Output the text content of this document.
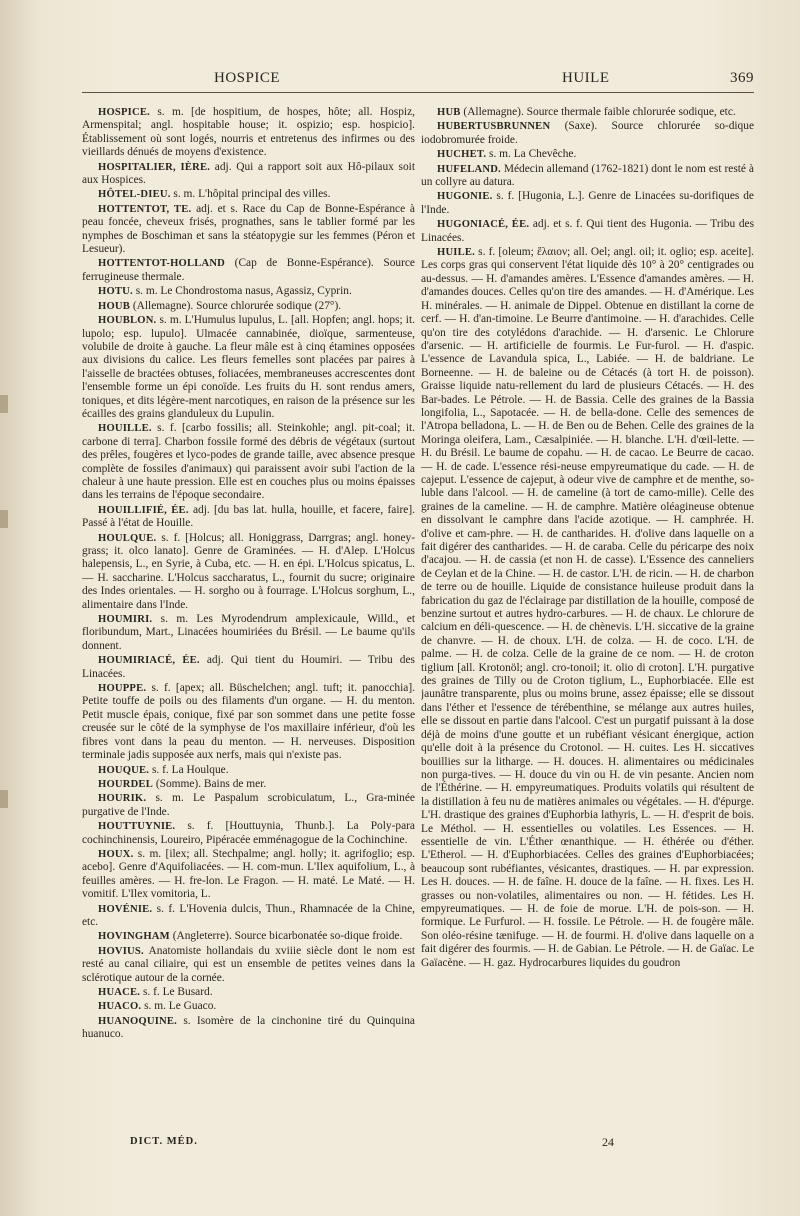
HOSPICE	HUILE	369

HOSPICE. s. m. [de hospitium, de hospes, hôte; all. Hospiz, Armenspital; angl. hospitable house; it. ospizio; esp. hospicio]. Établissement où sont logés, nourris et entretenus des infirmes ou des vieillards dénués de moyens d'existence.

HOSPITALIER, IÈRE. adj. Qui a rapport soit aux Hô-pilaux soit aux Hospices.

HÔTEL-DIEU. s. m. L'hôpital principal des villes.

HOTTENTOT, TE. adj. et s. Race du Cap de Bonne-Espérance à peau foncée, cheveux frisés, prognathes, sans le tablier formé par les nymphes de Boschiman et sans la stéatopygie sur les femmes (Péron et Lesueur).

HOTTENTOT-HOLLAND (Cap de Bonne-Espérance). Source ferrugineuse thermale.

HOTU. s. m. Le Chondrostoma nasus, Agassiz, Cyprin.

HOUB (Allemagne). Source chlorurée sodique (27°).

HOUBLON. s. m. L'Humulus lupulus, L. [all. Hopfen; angl. hops; it. lupolo; esp. lupulo]. Ulmacée cannabinée, dioïque, sarmenteuse, volubile de droite à gauche. La fleur mâle est à cinq étamines opposées aux divisions du calice. Les fleurs femelles sont placées par paires à l'aisselle de bractées obtuses, foliacées, membraneuses accrescentes dont l'ensemble forme un épi conoïde. Les fruits du H. sont rendus amers, toniques, et dits légère-ment narcotiques, en raison de la présence sur les écailles des grains glanduleux du Lupulin.

HOUILLE. s. f. [carbo fossilis; all. Steinkohle; angl. pit-coal; it. carbone di terra]. Charbon fossile formé des débris de végétaux (surtout des prêles, fougères et lyco-podes de grande taille, avec absence presque complète de fossiles d'animaux) qui paraissent avoir subi l'action de la chaleur à une haute pression. Elle est en couches plus ou moins épaisses dans les terrains de l'époque secondaire.

HOUILLIFIÉ, ÉE. adj. [du bas lat. hulla, houille, et facere, faire]. Passé à l'état de Houille.

HOULQUE. s. f. [Holcus; all. Honiggrass, Darrgras; angl. honey-grass; it. olco lanato]. Genre de Graminées. — H. d'Alep. L'Holcus halepensis, L., en Syrie, à Cuba, etc. — H. en épi. L'Holcus spicatus, L. — H. saccharine. L'Holcus saccharatus, L., fournit du sucre; originaire des Indes orientales. — H. sorgho ou à fourrage. L'Holcus sorghum, L., alimentaire dans l'Inde.

HOUMIRI. s. m. Les Myrodendrum amplexicaule, Willd., et floribundum, Mart., Linacées houmiriées du Brésil. — Le baume qu'ils donnent.

HOUMIRIACÉ, ÉE. adj. Qui tient du Houmiri. — Tribu des Linacées.

HOUPPE. s. f. [apex; all. Büschelchen; angl. tuft; it. panocchia]. Petite touffe de poils ou des filaments d'un organe. — H. du menton. Petit muscle épais, conique, fixé par son sommet dans une petite fosse creusée sur le côté de la symphyse de l'os maxillaire inférieur, d'où les fibres vont dans la peau du menton. — H. nerveuses. Disposition terminale jadis supposée aux nerfs, mais qui n'existe pas.

HOUQUE. s. f. La Houlque.

HOURDEL (Somme). Bains de mer.

HOURIK. s. m. Le Paspalum scrobiculatum, L., Gra-minée purgative de l'Inde.

HOUTTUYNIE. s. f. [Houttuynia, Thunb.]. La Poly-para cochinchinensis, Loureiro, Pipéracée emménagogue de la Cochinchine.

HOUX. s. m. [ilex; all. Stechpalme; angl. holly; it. agrifoglio; esp. acebo]. Genre d'Aquifoliacées. — H. com-mun. L'Ilex aquifolium, L., à feuilles amères. — H. fre-lon. Le Fragon. — H. maté. Le Maté. — H. vomitif. L'Ilex vomitoria, L.

HOVÉNIE. s. f. L'Hovenia dulcis, Thun., Rhamnacée de la Chine, etc.

HOVINGHAM (Angleterre). Source bicarbonatée so-dique froide.

HOVIUS. Anatomiste hollandais du xviiie siècle dont le nom est resté au canal ciliaire, qui est un ensemble de petites veines dans la sclérotique autour de la cornée.

HUACE. s. f. Le Busard.

HUACO. s. m. Le Guaco.

HUANOQUINE. s. Isomère de la cinchonine tiré du Quinquina huanuco.

HUB (Allemagne). Source thermale faible chlorurée sodique, etc.

HUBERTUSBRUNNEN (Saxe). Source chlorurée so-dique iodobromurée froide.

HUCHET. s. m. La Chevêche.

HUFELAND. Médecin allemand (1762-1821) dont le nom est resté à un collyre au datura.

HUGONIE. s. f. [Hugonia, L.]. Genre de Linacées su-dorifiques de l'Inde.

HUGONIACÉ, ÉE. adj. et s. f. Qui tient des Hugonia. — Tribu des Linacées.

HUILE. s. f. [oleum; ἔλαιον; all. Oel; angl. oil; it. oglio; esp. aceite]. Les corps gras qui conservent l'état liquide dès 10° à 20° centigrades ou au-dessus. — H. d'amandes amères. L'Essence d'amandes amères. — H. d'amandes douces. Celles qu'on tire des amandes. — H. d'Amérique. Les H. minérales. — H. animale de Dippel. Obtenue en distillant la corne de cerf. — H. d'an-timoine. Le Beurre d'antimoine. — H. d'arachides. Celle qu'on tire des cotylédons d'arachide. — H. d'arsenic. Le Chlorure d'arsenic. — H. artificielle de fourmis. Le Fur-furol. — H. d'aspic. L'essence de Lavandula spica, L., Labiée. — H. de baldriane. Le Borneenne. — H. de baleine ou de Cétacés (à tort H. de poisson). Graisse liquide natu-rellement du lard de plusieurs Cétacés. — H. des Bar-bades. Le Pétrole. — H. de Bassia. Celle des graines de la Bassia longifolia, L., Sapotacée. — H. de bella-done. Celle des semences de l'Atropa belladona, L. — H. de Ben ou de Behen. Celle des graines de la Moringa oleifera, Lam., Cæsalpiniée. — H. blanche. L'H. d'œil-lette. — H. du Brésil. Le baume de copahu. — H. de cacao. Le Beurre de cacao. — H. de cade. L'essence rési-neuse empyreumatique du cade. — H. de cajeput. L'essence de cajeput, à odeur vive de camphre et de menthe, so-luble dans l'alcool. — H. de cameline (à tort de camo-mille). Celle des graines de la cameline. — H. de camphre. Matière oléagineuse obtenue en dissolvant le camphre dans l'acide azotique. — H. camphrée. H. d'olive et cam-phre. — H. de cantharides. H. d'olive dans laquelle on a fait digérer des cantharides. — H. de caraba. Celle du péricarpe des noix d'acajou. — H. de cassia (et non H. de casse). L'Essence des canneliers de Ceylan et de la Chine. — H. de castor. L'H. de ricin. — H. de charbon de terre ou de houille. Liquide de consistance huileuse produit dans la fabrication du gaz de l'éclairage par distillation de la houille, composé de benzine surtout et autres hydro-carbures. — H. de chaux. Le chlorure de calcium en déli-quescence. — H. de chènevis. L'H. siccative de la graine de chanvre. — H. de choux. L'H. de colza. — H. de coco. L'H. de palme. — H. de colza. Celle de la graine de ce nom. — H. de croton tiglium [all. Krotonöl; angl. cro-tonoil; it. olio di croton]. L'H. purgative des graines de Tilly ou de Croton tiglium, L., Euphorbiacée. Elle est jaunâtre transparente, plus ou moins brune, assez épaisse; elle se dissout dans l'éther et l'essence de térébenthine, se mélange aux autres huiles, elle se dissout en partie dans l'alcool. C'est un purgatif puissant à la dose déjà de moins d'une goutte et un rubéfiant vésicant énergique, action qu'elle doit à la présence du Crotonol. — H. cuites. Les H. siccatives bouillies sur la litharge. — H. douces. H. alimentaires ou médicinales non purga-tives. — H. douce du vin ou H. de vin pesante. Ancien nom de l'Éthérine. — H. empyreumatiques. Produits volatils qui résultent de la distillation à feu nu de matières animales ou végétales. — H. d'épurge. L'H. drastique des graines d'Euphorbia lathyris, L. — H. d'esprit de bois. Le Méthol. — H. essentielles ou volatiles. Les Essences. — H. essentielle de vin. L'Éther œnanthique. — H. éthérée ou d'éther. L'Etherol. — H. d'Euphorbiacées. Celles des graines d'Euphorbiacées; beaucoup sont rubéfiantes, vésicantes, drastiques. — H. par expression. Les H. douces. — H. de faîne. H. douce de la faîne. — H. fixes. Les H. grasses ou non-volatiles, alimentaires ou non. — H. fétides. Les H. empyreumatiques. — H. de foie de morue. L'H. de pois-son. — H. formique. Le Furfurol. — H. fossile. Le Pétrole. — H. de fougère mâle. Son oléo-résine tænifuge. — H. de fourmi. H. d'olive dans laquelle on a fait digérer des fourmis. — H. de Gabian. Le Pétrole. — H. de Gaïac. Le Gaïacène. — H. gaz. Hydrocarbures liquides du goudron

DICT. MÉD.	24
